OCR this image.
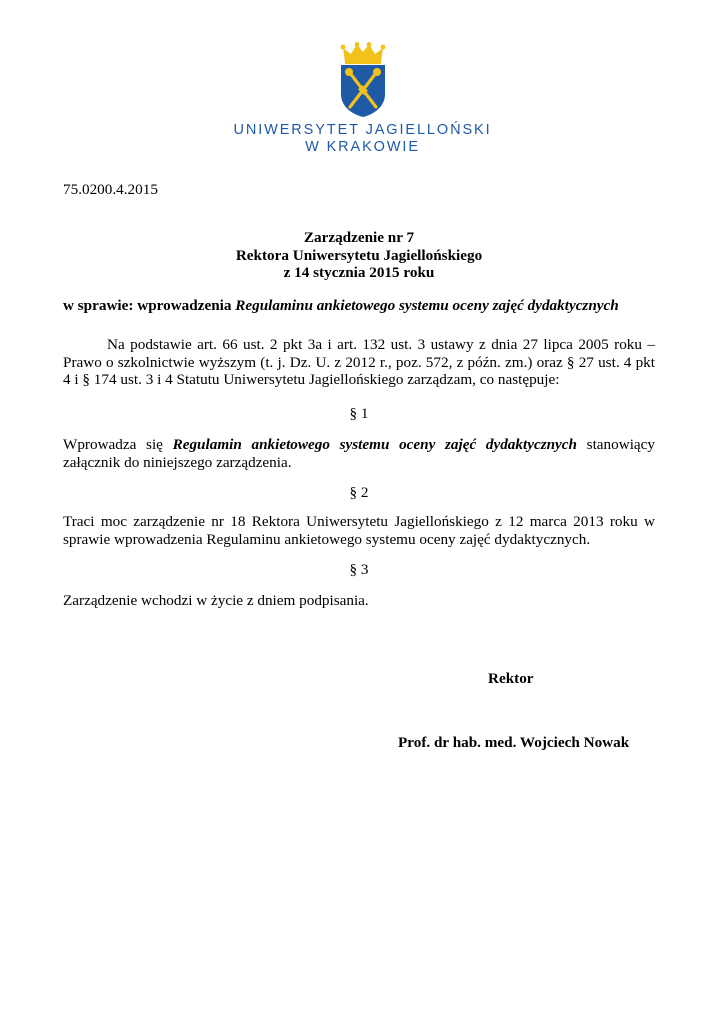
UNIWERSYTET JAGIELLOŃSKI
W KRAKOWIE
75.0200.4.2015
Zarządzenie nr 7
Rektora Uniwersytetu Jagiellońskiego
z 14 stycznia 2015 roku
w sprawie: wprowadzenia Regulaminu ankietowego systemu oceny zajęć dydaktycznych
Na podstawie art. 66 ust. 2 pkt 3a i art. 132 ust. 3 ustawy z dnia 27 lipca 2005 roku – Prawo o szkolnictwie wyższym (t. j. Dz. U. z 2012 r., poz. 572, z późn. zm.) oraz § 27 ust. 4 pkt 4 i § 174 ust. 3 i 4 Statutu Uniwersytetu Jagiellońskiego zarządzam, co następuje:
§ 1
Wprowadza się Regulamin ankietowego systemu oceny zajęć dydaktycznych stanowiący załącznik do niniejszego zarządzenia.
§ 2
Traci moc zarządzenie nr 18 Rektora Uniwersytetu Jagiellońskiego z 12 marca 2013 roku w sprawie wprowadzenia Regulaminu ankietowego systemu oceny zajęć dydaktycznych.
§ 3
Zarządzenie wchodzi w życie z dniem podpisania.
Rektor
Prof. dr hab. med. Wojciech Nowak
